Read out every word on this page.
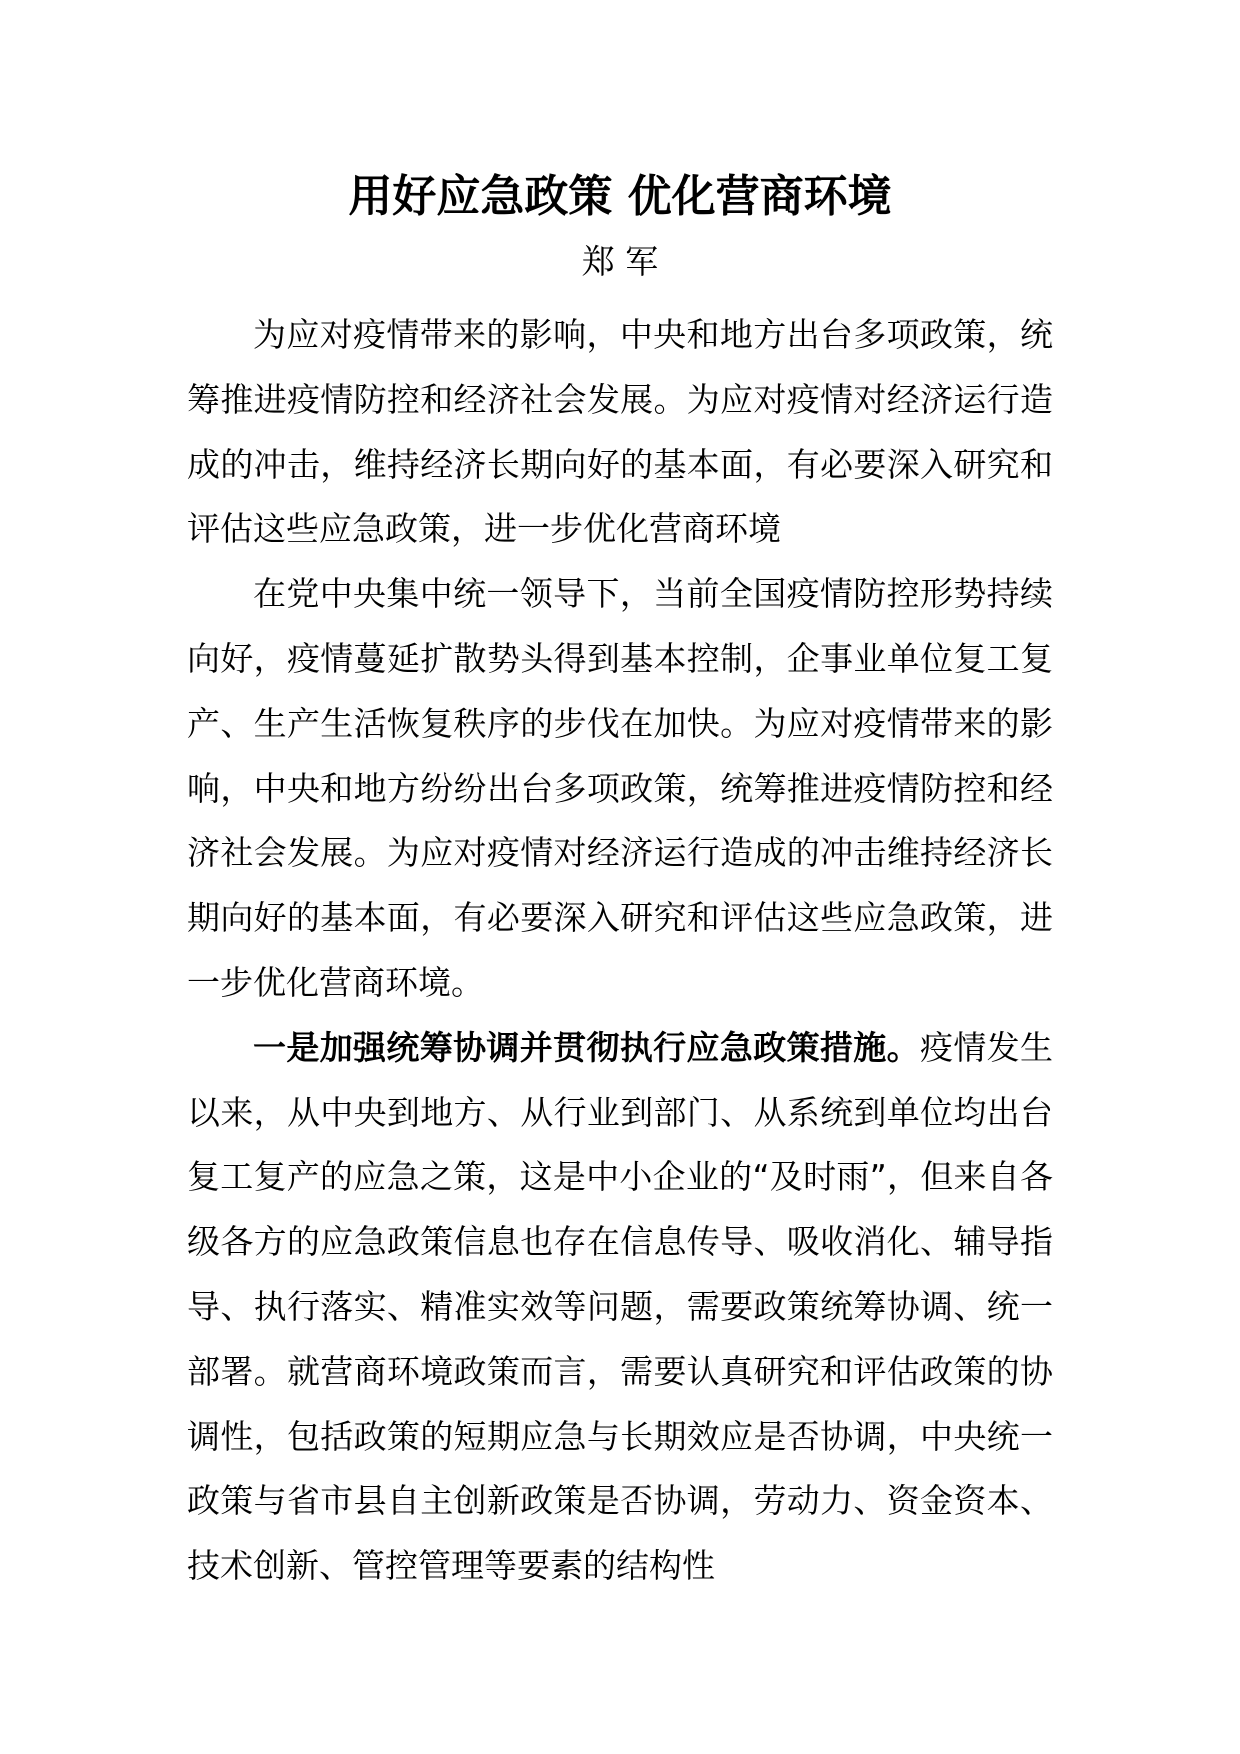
用好应急政策 优化营商环境
郑 军

为应对疫情带来的影响，中央和地方出台多项政策，统筹推进疫情防控和经济社会发展。为应对疫情对经济运行造成的冲击，维持经济长期向好的基本面，有必要深入研究和评估这些应急政策，进一步优化营商环境

在党中央集中统一领导下，当前全国疫情防控形势持续向好，疫情蔓延扩散势头得到基本控制，企事业单位复工复产、生产生活恢复秩序的步伐在加快。为应对疫情带来的影响，中央和地方纷纷出台多项政策，统筹推进疫情防控和经济社会发展。为应对疫情对经济运行造成的冲击维持经济长期向好的基本面，有必要深入研究和评估这些应急政策，进一步优化营商环境。

一是加强统筹协调并贯彻执行应急政策措施。疫情发生以来，从中央到地方、从行业到部门、从系统到单位均出台复工复产的应急之策，这是中小企业的“及时雨”，但来自各级各方的应急政策信息也存在信息传导、吸收消化、辅导指导、执行落实、精准实效等问题，需要政策统筹协调、统一部署。就营商环境政策而言，需要认真研究和评估政策的协调性，包括政策的短期应急与长期效应是否协调，中央统一政策与省市县自主创新政策是否协调，劳动力、资金资本、技术创新、管控管理等要素的结构性
